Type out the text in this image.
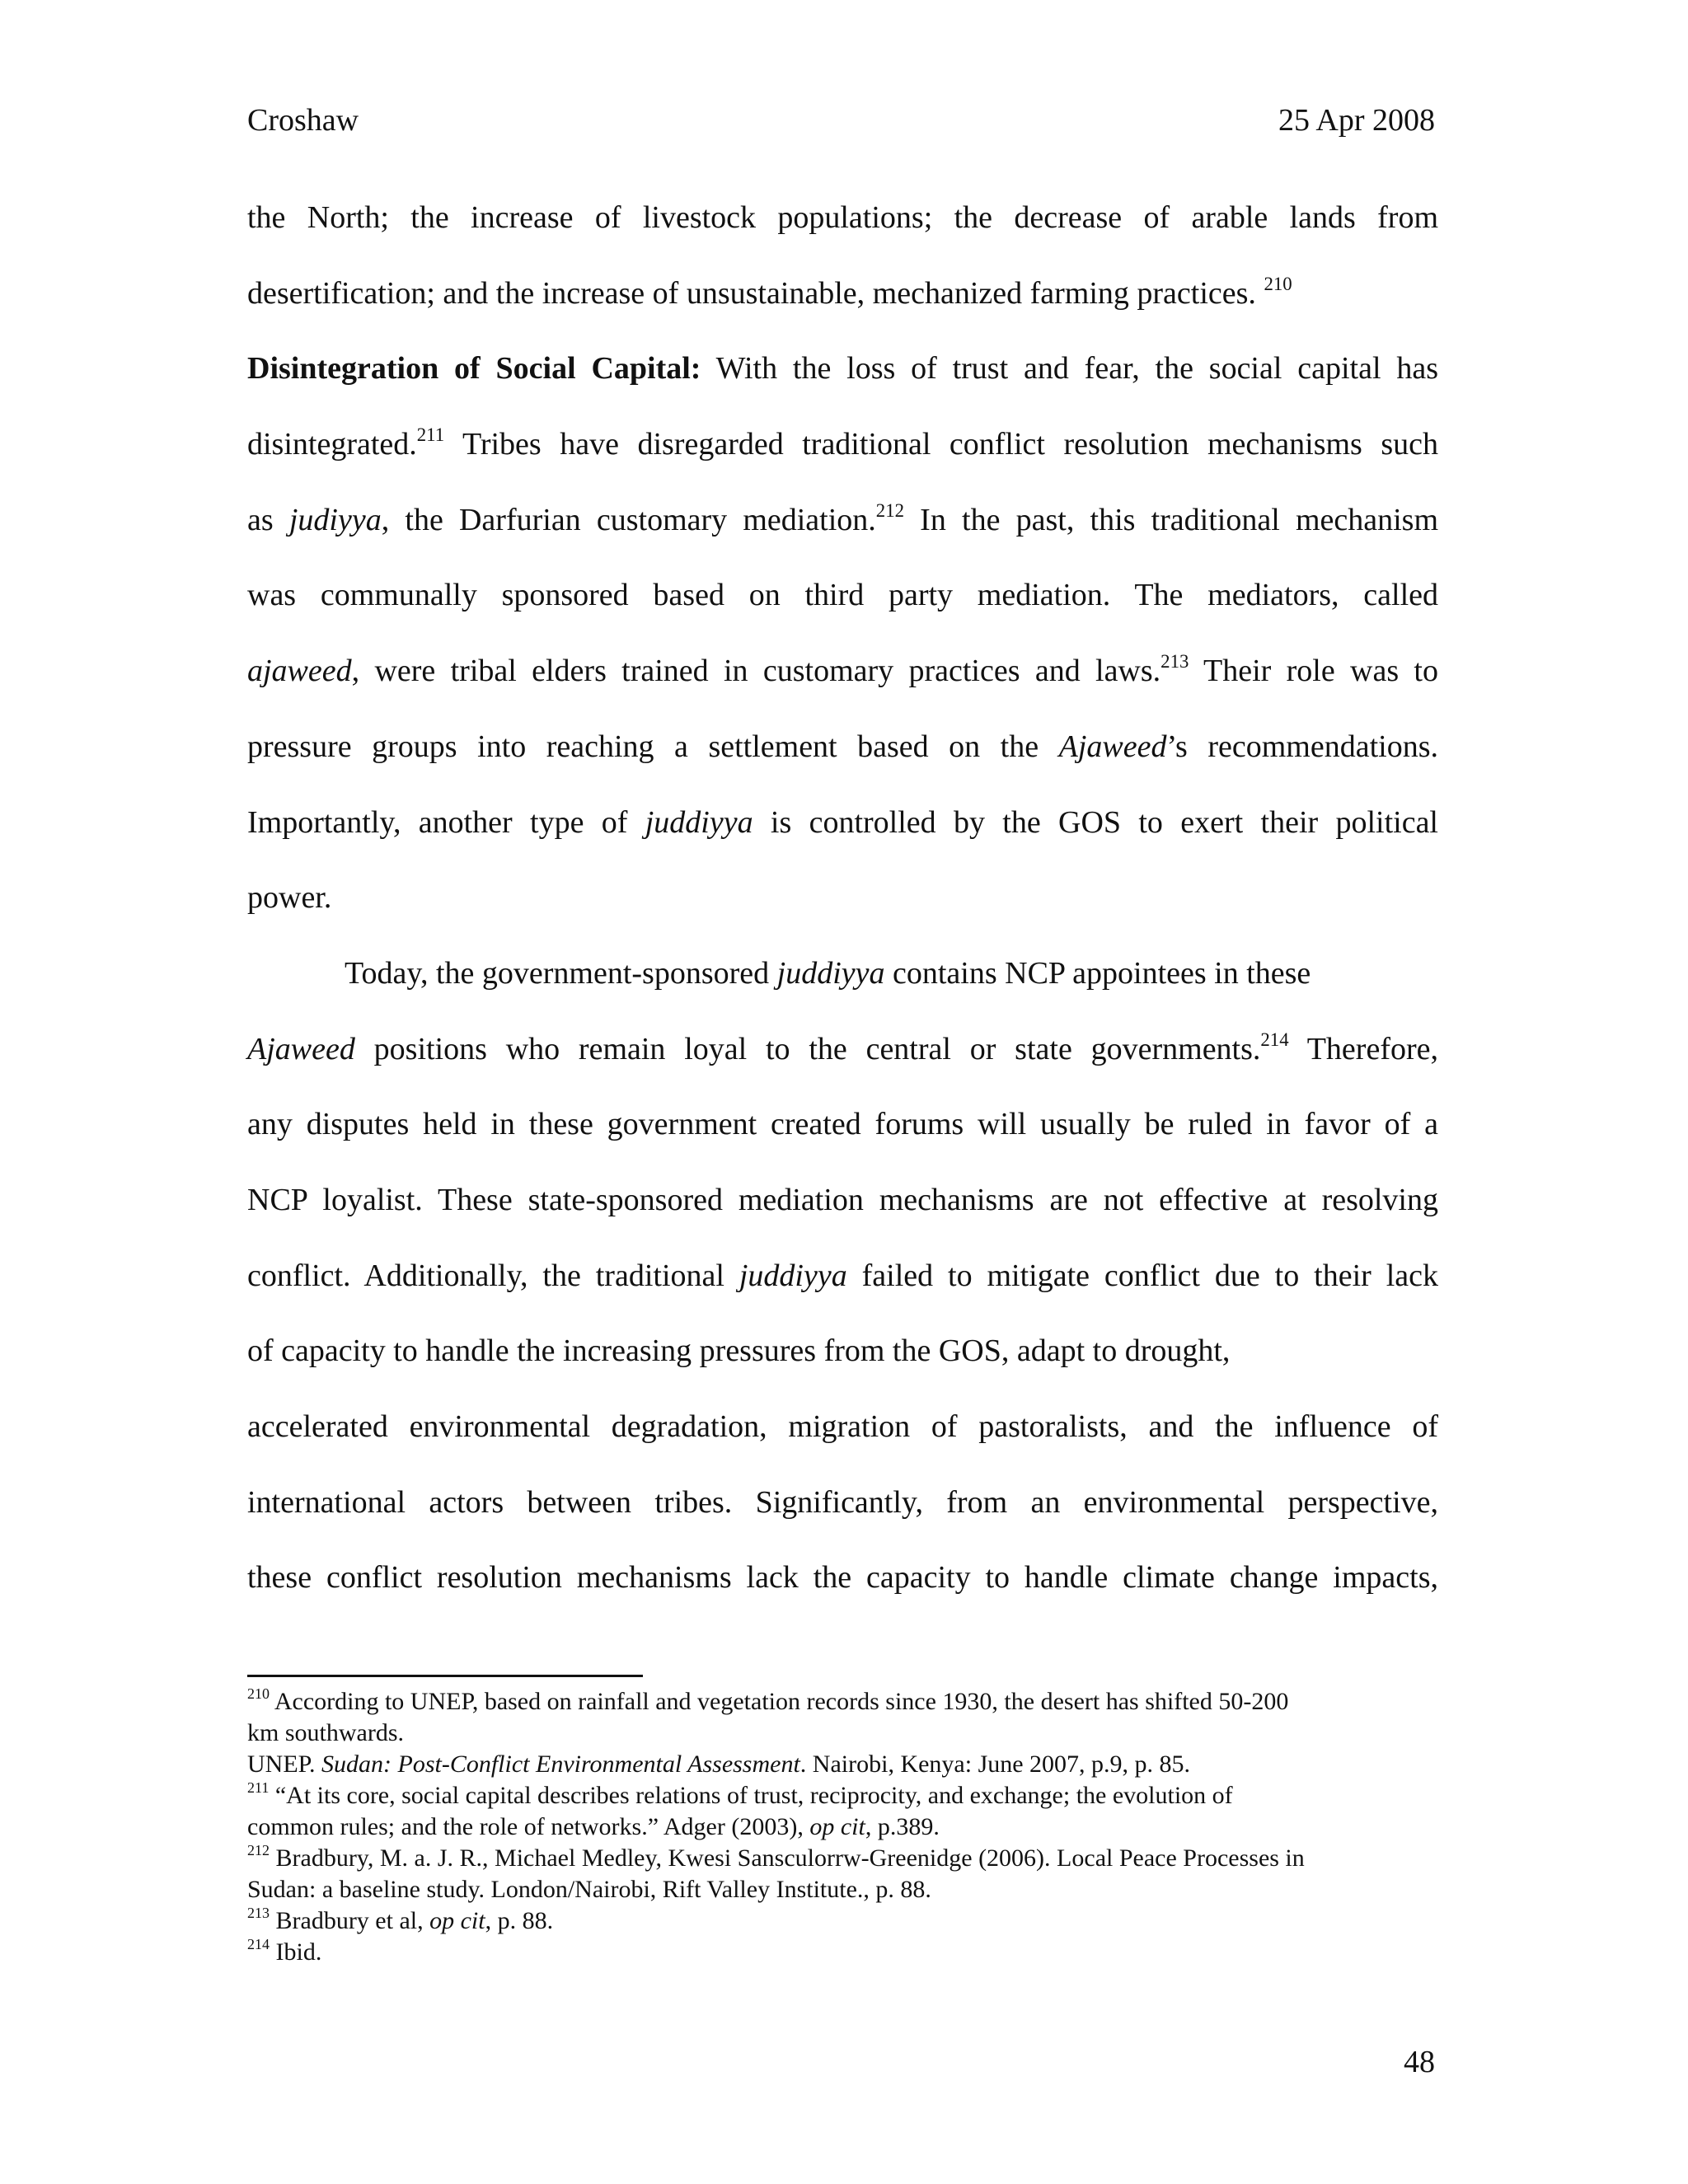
Croshaw	25 Apr 2008
the North; the increase of livestock populations; the decrease of arable lands from
desertification; and the increase of unsustainable, mechanized farming practices. $^{210}$
Disintegration of Social Capital: With the loss of trust and fear, the social capital has
disintegrated.$^{211}$ Tribes have disregarded traditional conflict resolution mechanisms such
as judiyya, the Darfurian customary mediation.$^{212}$ In the past, this traditional mechanism
was communally sponsored based on third party mediation. The mediators, called
ajaweed, were tribal elders trained in customary practices and laws.$^{213}$ Their role was to
pressure groups into reaching a settlement based on the Ajaweed’s recommendations.
Importantly, another type of juddiyya is controlled by the GOS to exert their political
power.
Today, the government-sponsored juddiyya contains NCP appointees in these
Ajaweed positions who remain loyal to the central or state governments.$^{214}$ Therefore,
any disputes held in these government created forums will usually be ruled in favor of a
NCP loyalist. These state-sponsored mediation mechanisms are not effective at resolving
conflict. Additionally, the traditional juddiyya failed to mitigate conflict due to their lack
of capacity to handle the increasing pressures from the GOS, adapt to drought,
accelerated environmental degradation, migration of pastoralists, and the influence of
international actors between tribes. Significantly, from an environmental perspective,
these conflict resolution mechanisms lack the capacity to handle climate change impacts,
$^{210}$ According to UNEP, based on rainfall and vegetation records since 1930, the desert has shifted 50-200
km southwards.
UNEP. Sudan: Post-Conflict Environmental Assessment. Nairobi, Kenya: June 2007, p.9, p. 85.
$^{211}$ “At its core, social capital describes relations of trust, reciprocity, and exchange; the evolution of
common rules; and the role of networks.” Adger (2003), op cit, p.389.
$^{212}$ Bradbury, M. a. J. R., Michael Medley, Kwesi Sansculorrw-Greenidge (2006). Local Peace Processes in
Sudan: a baseline study. London/Nairobi, Rift Valley Institute., p. 88.
$^{213}$ Bradbury et al, op cit, p. 88.
$^{214}$ Ibid.
48
